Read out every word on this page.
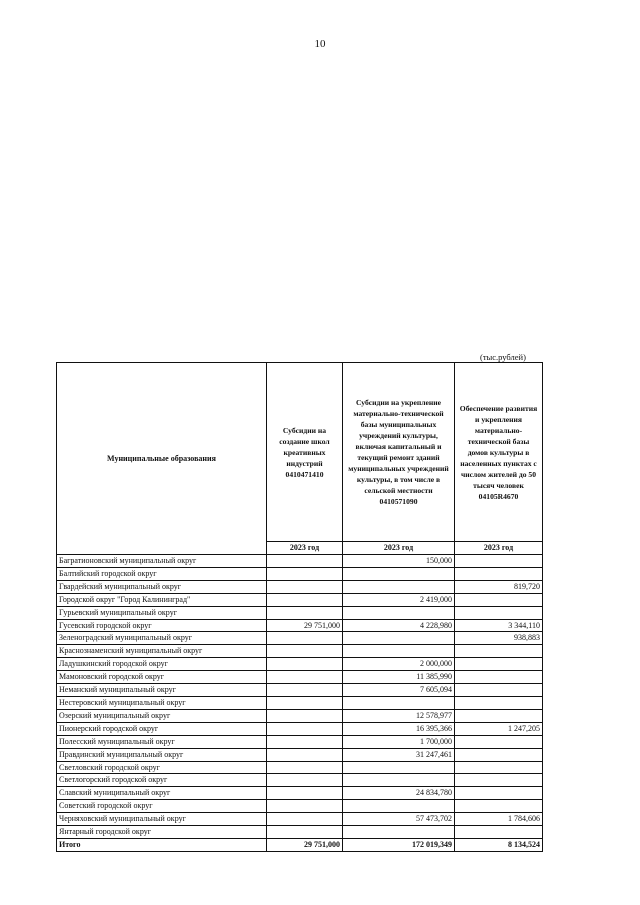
10
(тыс.рублей)
Муниципальные образования	Субсидии на создание школ креативных индустрий 0410471410	Субсидии на укрепление материально-технической базы муниципальных учреждений культуры, включая капитальный и текущий ремонт зданий муниципальных учреждений культуры, в том числе в сельской местности 0410571090	Обеспечение развития и укрепления материально-технической базы домов культуры в населенных пунктах с числом жителей до 50 тысяч человек 04105R4670
	2023 год	2023 год	2023 год
Багратионовский муниципальный округ		150,000	
Балтийский городской округ			
Гвардейский муниципальный округ			819,720
Городской округ "Город Калининград"		2 419,000	
Гурьевский муниципальный округ			
Гусевский городской округ	29 751,000	4 228,980	3 344,110
Зеленоградский муниципальный округ			938,883
Краснознаменский муниципальный округ			
Ладушкинский городской округ		2 000,000	
Мамоновский городской округ		11 385,990	
Неманский муниципальный округ		7 605,094	
Нестеровский муниципальный округ			
Озерский муниципальный округ		12 578,977	
Пионерский городской округ		16 395,366	1 247,205
Полесский муниципальный округ		1 700,000	
Правдинский муниципальный округ		31 247,461	
Светловский городской округ			
Светлогорский городской округ			
Славский муниципальный округ		24 834,780	
Советский городской округ			
Черняховский муниципальный округ		57 473,702	1 784,606
Янтарный городской округ			
Итого	29 751,000	172 019,349	8 134,524
